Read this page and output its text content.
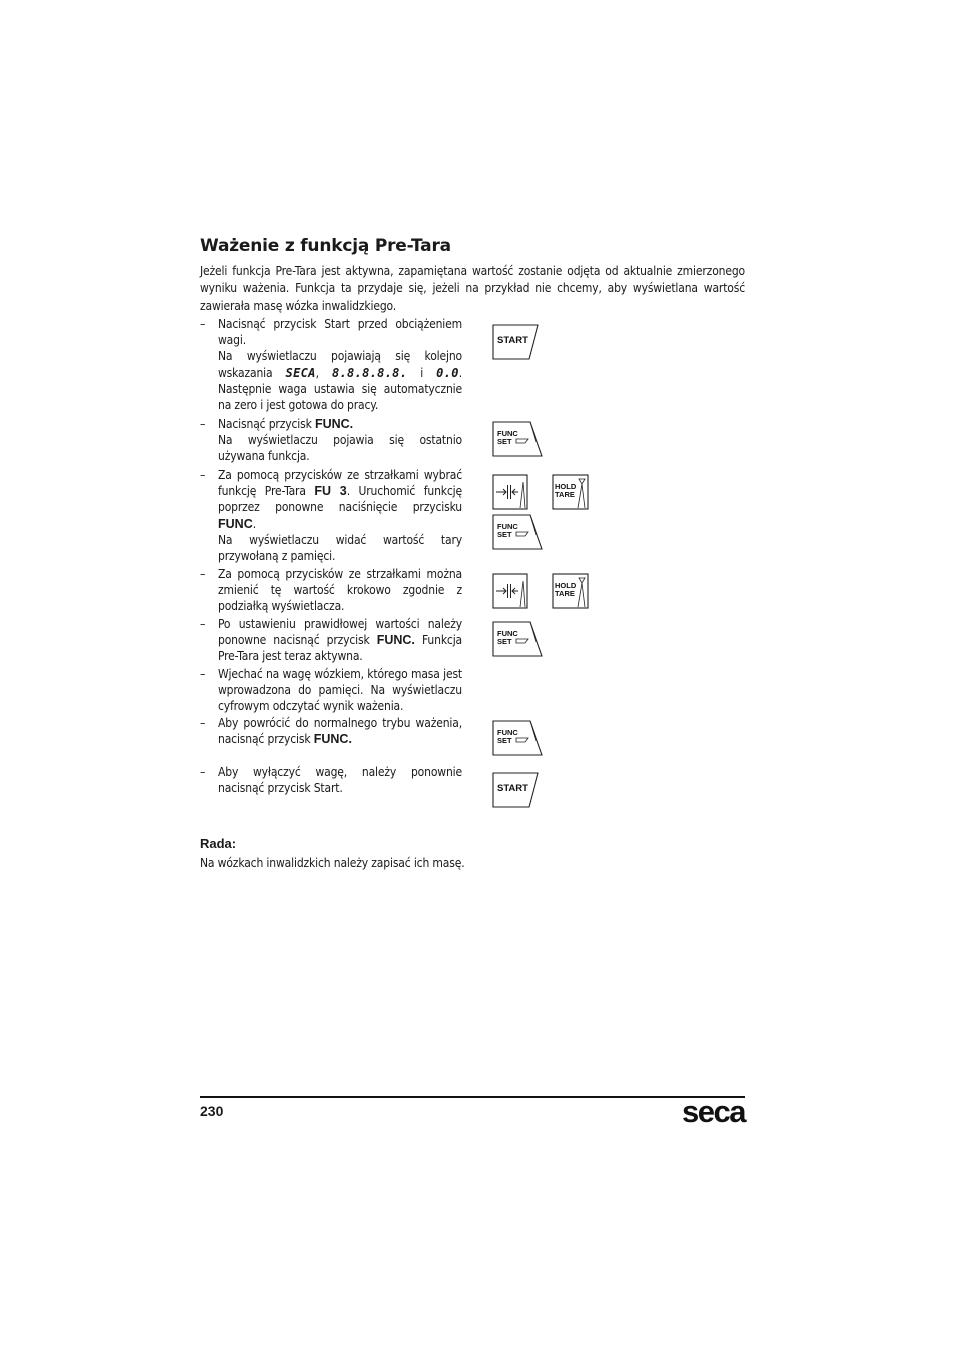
Ważenie z funkcją Pre-Tara

Jeżeli funkcja Pre-Tara jest aktywna, zapamiętana wartość zostanie odjęta od aktualnie zmierzonego wyniku ważenia. Funkcja ta przydaje się, jeżeli na przykład nie chcemy, aby wyświetlana wartość zawierała masę wózka inwalidzkiego.

–	Nacisnąć przycisk Start przed obciążeniem wagi.

Na wyświetlaczu pojawiają się kolejno wskazania SECA, 8.8.8.8.8. i 0.0. Następnie waga ustawia się automatycznie na zero i jest gotowa do pracy.

–	Nacisnąć przycisk FUNC.

Na wyświetlaczu pojawia się ostatnio używana funkcja.

–	Za pomocą przycisków ze strzałkami wybrać funkcję Pre-Tara FU 3. Uruchomić funkcję poprzez ponowne naciśnięcie przycisku FUNC.

Na wyświetlaczu widać wartość tary przywołaną z pamięci.

–	Za pomocą przycisków ze strzałkami można zmienić tę wartość krokowo zgodnie z podziałką wyświetlacza.

–	Po ustawieniu prawidłowej wartości należy ponowne nacisnąć przycisk FUNC. Funkcja Pre-Tara jest teraz aktywna.

–	Wjechać na wagę wózkiem, którego masa jest wprowadzona do pamięci. Na wyświetlaczu cyfrowym odczytać wynik ważenia.

–	Aby powrócić do normalnego trybu ważenia, nacisnąć przycisk FUNC.

–	Aby wyłączyć wagę, należy ponownie nacisnąć przycisk Start.

START
FUNC
SET
HOLD
TARE
FUNC
SET
HOLD
TARE
FUNC
SET
FUNC
SET
START
Rada:

Na wózkach inwalidzkich należy zapisać ich masę.

230	seca
